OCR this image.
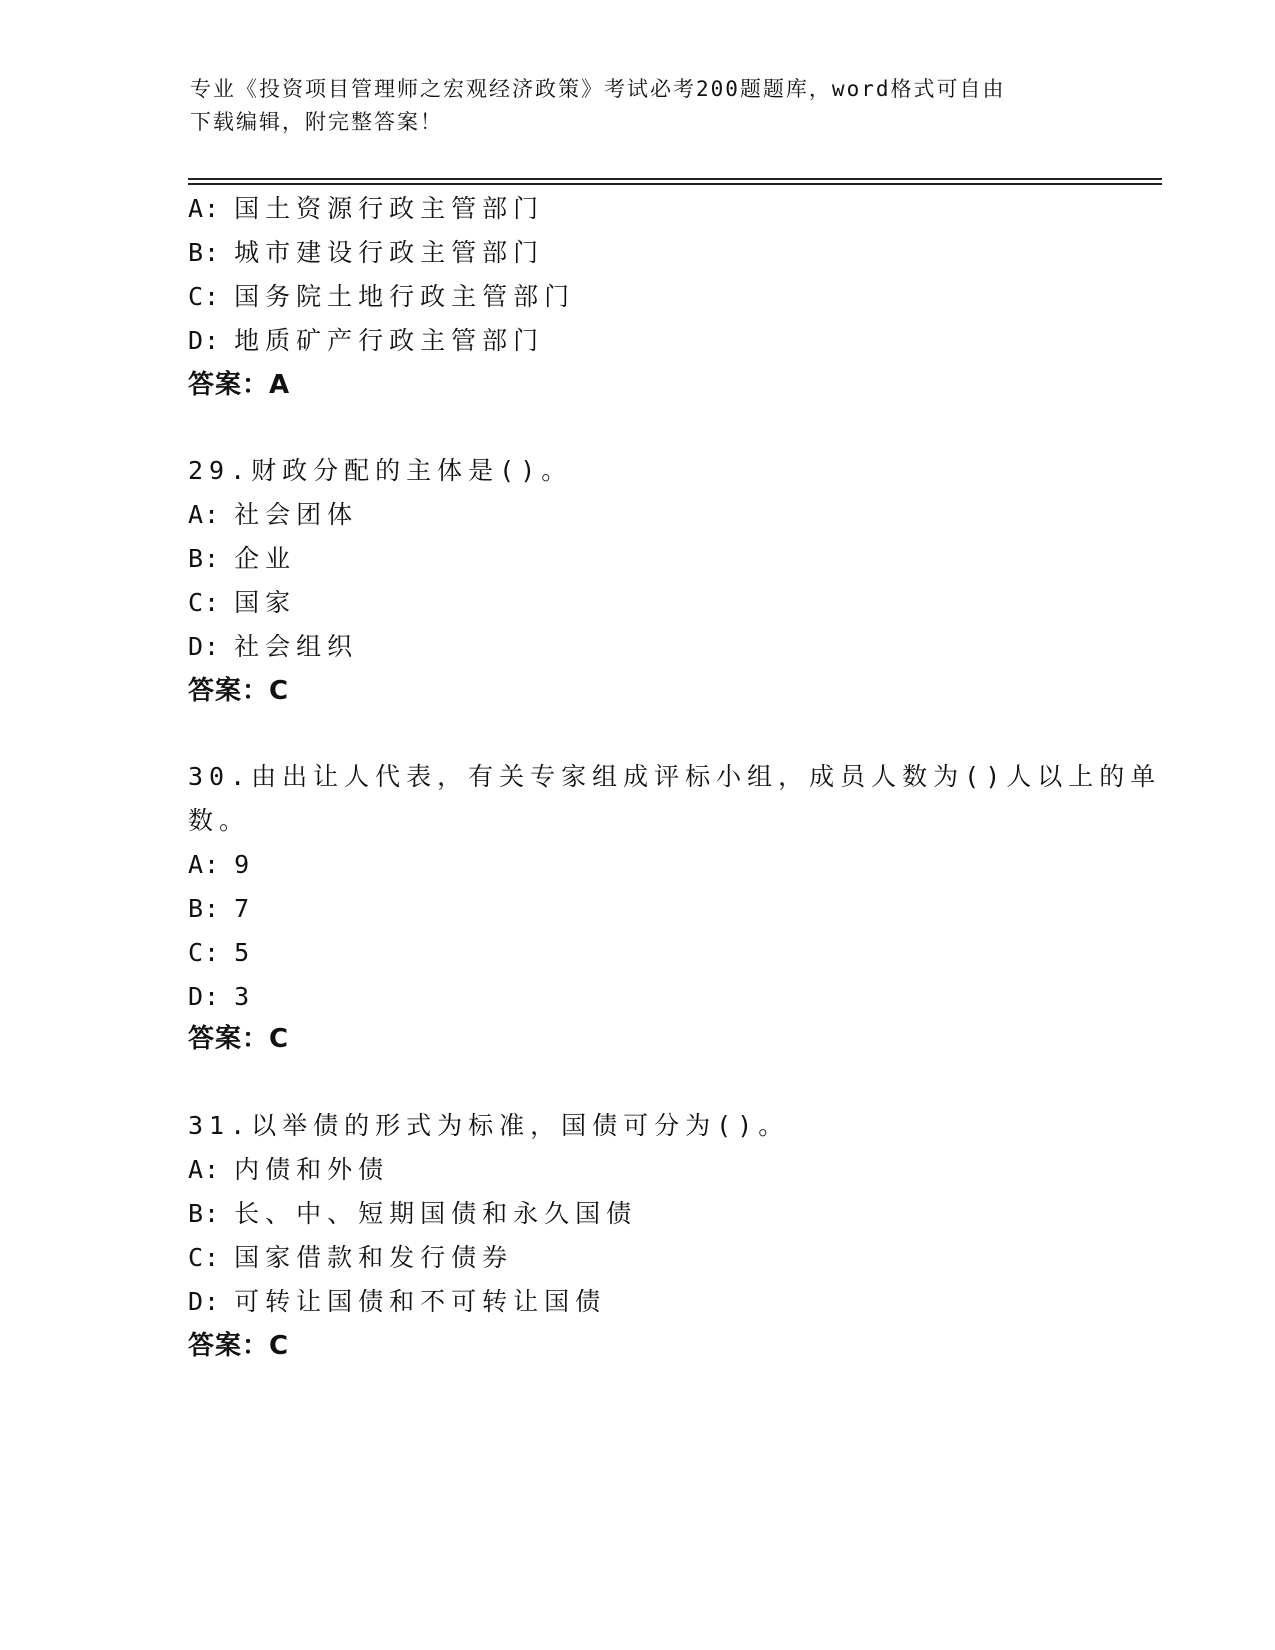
专业《投资项目管理师之宏观经济政策》考试必考200题题库，word格式可自由
下载编辑，附完整答案！
A: 国土资源行政主管部门
B: 城市建设行政主管部门
C: 国务院土地行政主管部门
D: 地质矿产行政主管部门
答案：A
29.财政分配的主体是()。
A: 社会团体
B: 企业
C: 国家
D: 社会组织
答案：C
30.由出让人代表，有关专家组成评标小组，成员人数为()人以上的单
数。
A: 9
B: 7
C: 5
D: 3
答案：C
31.以举债的形式为标准，国债可分为()。
A: 内债和外债
B: 长、中、短期国债和永久国债
C: 国家借款和发行债券
D: 可转让国债和不可转让国债
答案：C
